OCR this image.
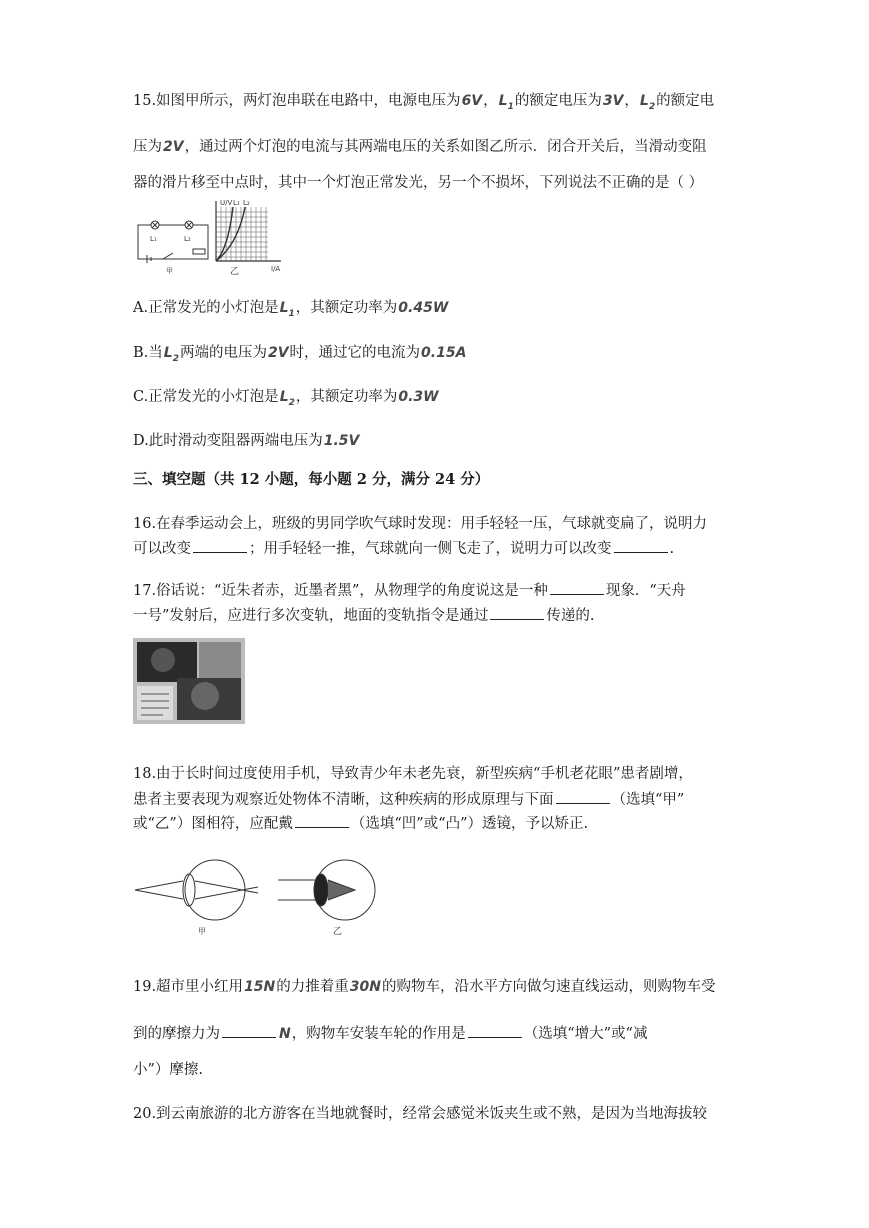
15.如图甲所示，两灯泡串联在电路中，电源电压为6V，$L_1$的额定电压为3V，$L_2$的额定电
压为2V，通过两个灯泡的电流与其两端电压的关系如图乙所示．闭合开关后，当滑动变阻
器的滑片移至中点时，其中一个灯泡正常发光，另一个不损坏，下列说法不正确的是（ ）
L₁	L₂
甲
U/V
I/A
乙
L₁ L₂
A.正常发光的小灯泡是$L_1$，其额定功率为0.45W
B.当$L_2$两端的电压为2V时，通过它的电流为0.15A
C.正常发光的小灯泡是$L_2$，其额定功率为0.3W
D.此时滑动变阻器两端电压为1.5V
三、填空题（共 12 小题，每小题 2 分，满分 24 分）
16.在春季运动会上，班级的男同学吹气球时发现：用手轻轻一压，气球就变扁了，说明力
可以改变	；用手轻轻一推，气球就向一侧飞走了，说明力可以改变	.
17.俗话说：“近朱者赤，近墨者黑”，从物理学的角度说这是一种	现象．“天舟
一号”发射后，应进行多次变轨，地面的变轨指令是通过	传递的.
18.由于长时间过度使用手机，导致青少年未老先衰，新型疾病“手机老花眼”患者剧增，
患者主要表现为观察近处物体不清晰，这种疾病的形成原理与下面	（选填“甲”
或“乙”）图相符，应配戴	（选填“凹”或“凸”）透镜，予以矫正.
甲	乙
19.超市里小红用15N的力推着重30N的购物车，沿水平方向做匀速直线运动，则购物车受
到的摩擦力为	N，购物车安装车轮的作用是	（选填“增大”或“减
小”）摩擦.
20.到云南旅游的北方游客在当地就餐时，经常会感觉米饭夹生或不熟，是因为当地海拔较
